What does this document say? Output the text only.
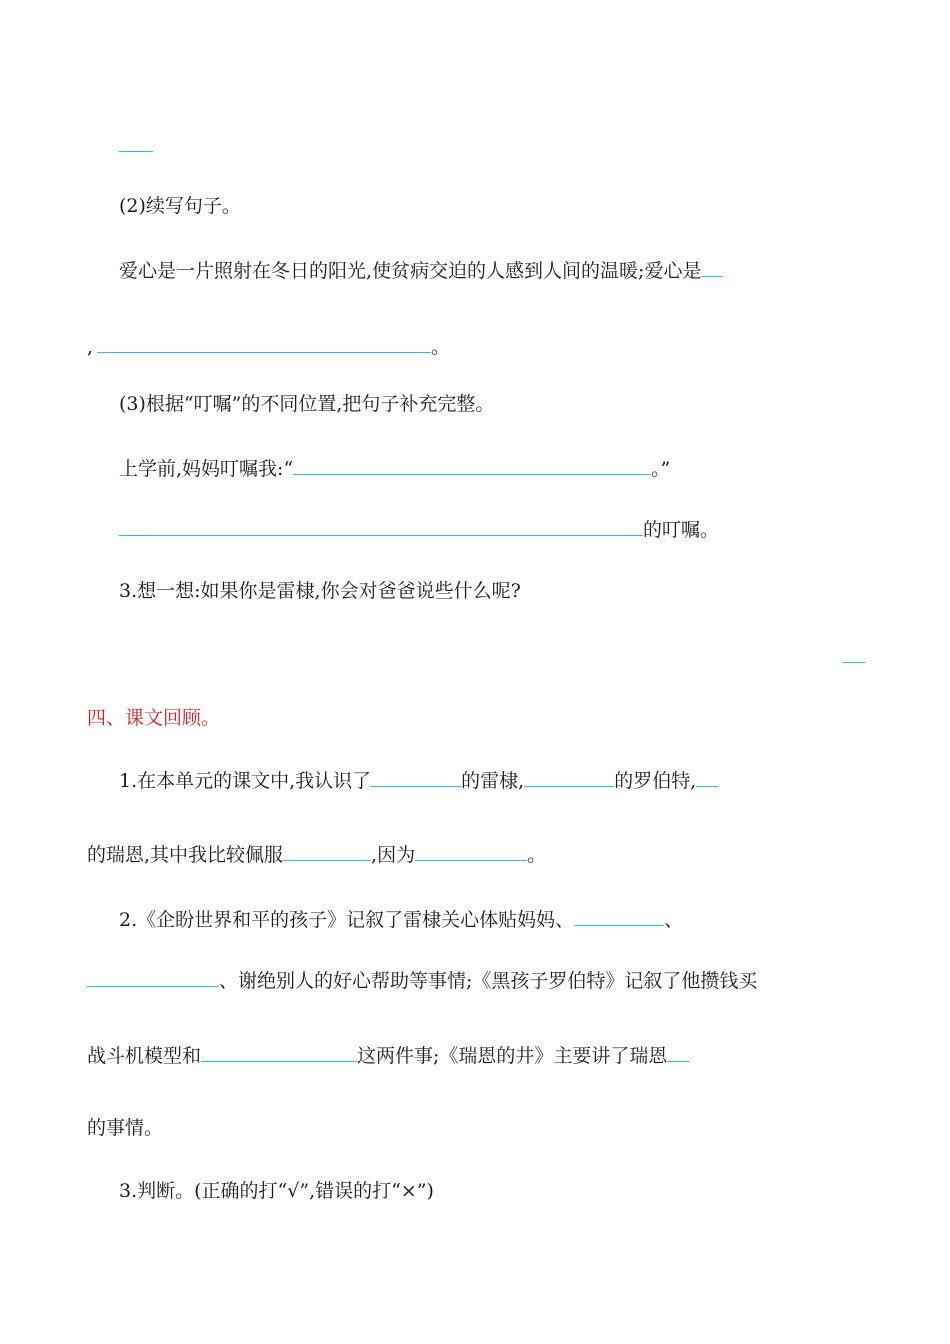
(2)续写句子。
爱心是一片照射在冬日的阳光,使贫病交迫的人感到人间的温暖;爱心是
,	。
(3)根据“叮嘱”的不同位置,把句子补充完整。
上学前,妈妈叮嘱我:“	。”
的叮嘱。
3.想一想:如果你是雷棣,你会对爸爸说些什么呢?
四、课文回顾。
1.在本单元的课文中,我认识了	的雷棣,	的罗伯特,
的瑞恩,其中我比较佩服	,因为	。
2.《企盼世界和平的孩子》记叙了雷棣关心体贴妈妈、	、
、谢绝别人的好心帮助等事情;《黑孩子罗伯特》记叙了他攒钱买
战斗机模型和	这两件事;《瑞恩的井》主要讲了瑞恩
的事情。
3.判断。(正确的打“√”,错误的打“×”)
